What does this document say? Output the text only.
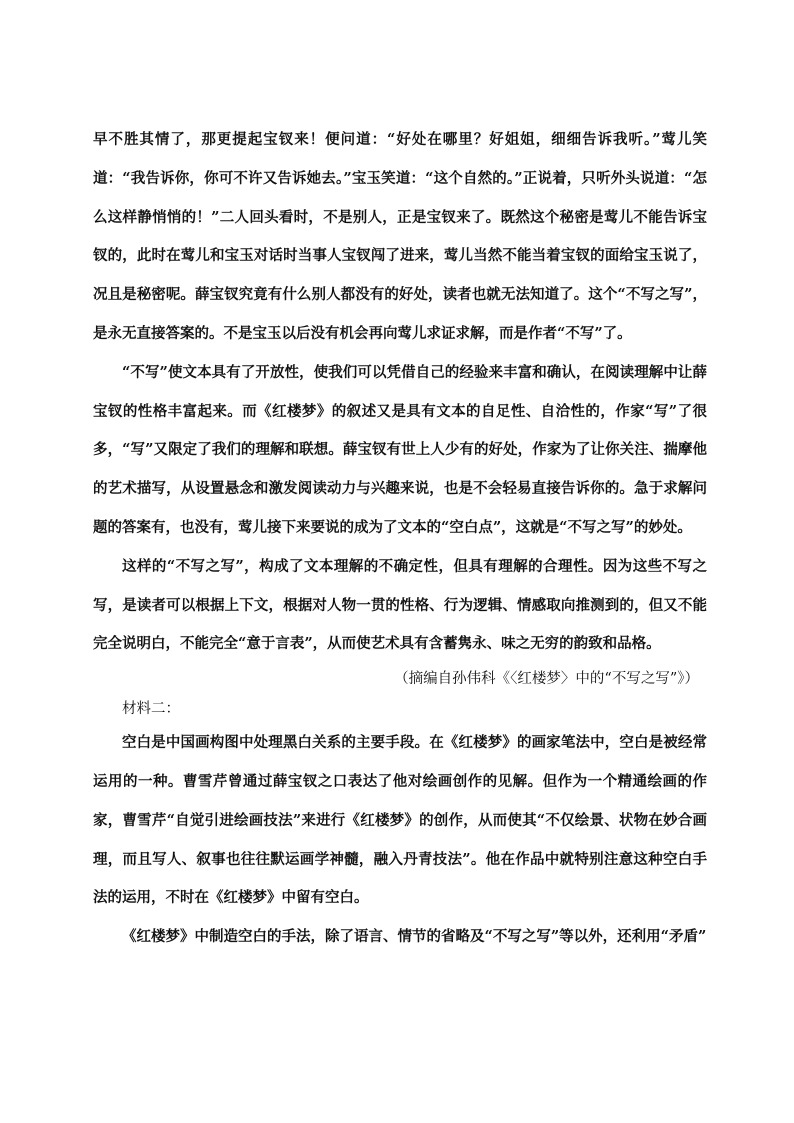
早不胜其情了，那更提起宝钗来！便问道：“好处在哪里？好姐姐，细细告诉我听。”莺儿笑道：“我告诉你，你可不许又告诉她去。”宝玉笑道：“这个自然的。”正说着，只听外头说道：“怎么这样静悄悄的！”二人回头看时，不是别人，正是宝钗来了。既然这个秘密是莺儿不能告诉宝钗的，此时在莺儿和宝玉对话时当事人宝钗闯了进来，莺儿当然不能当着宝钗的面给宝玉说了，况且是秘密呢。薛宝钗究竟有什么别人都没有的好处，读者也就无法知道了。这个“不写之写”，是永无直接答案的。不是宝玉以后没有机会再向莺儿求证求解，而是作者“不写”了。

“不写”使文本具有了开放性，使我们可以凭借自己的经验来丰富和确认，在阅读理解中让薛宝钗的性格丰富起来。而《红楼梦》的叙述又是具有文本的自足性、自洽性的，作家“写”了很多，“写”又限定了我们的理解和联想。薛宝钗有世上人少有的好处，作家为了让你关注、揣摩他的艺术描写，从设置悬念和激发阅读动力与兴趣来说，也是不会轻易直接告诉你的。急于求解问题的答案有，也没有，莺儿接下来要说的成为了文本的“空白点”，这就是“不写之写”的妙处。

这样的“不写之写”，构成了文本理解的不确定性，但具有理解的合理性。因为这些不写之写，是读者可以根据上下文，根据对人物一贯的性格、行为逻辑、情感取向推测到的，但又不能完全说明白，不能完全“意于言表”，从而使艺术具有含蓄隽永、味之无穷的韵致和品格。

（摘编自孙伟科《〈红楼梦〉中的“不写之写”》）

材料二：

空白是中国画构图中处理黑白关系的主要手段。在《红楼梦》的画家笔法中，空白是被经常运用的一种。曹雪芹曾通过薛宝钗之口表达了他对绘画创作的见解。但作为一个精通绘画的作家，曹雪芹“自觉引进绘画技法”来进行《红楼梦》的创作，从而使其“不仅绘景、状物在妙合画理，而且写人、叙事也往往默运画学神髓，融入丹青技法”。他在作品中就特别注意这种空白手法的运用，不时在《红楼梦》中留有空白。

《红楼梦》中制造空白的手法，除了语言、情节的省略及“不写之写”等以外，还利用“矛盾”
